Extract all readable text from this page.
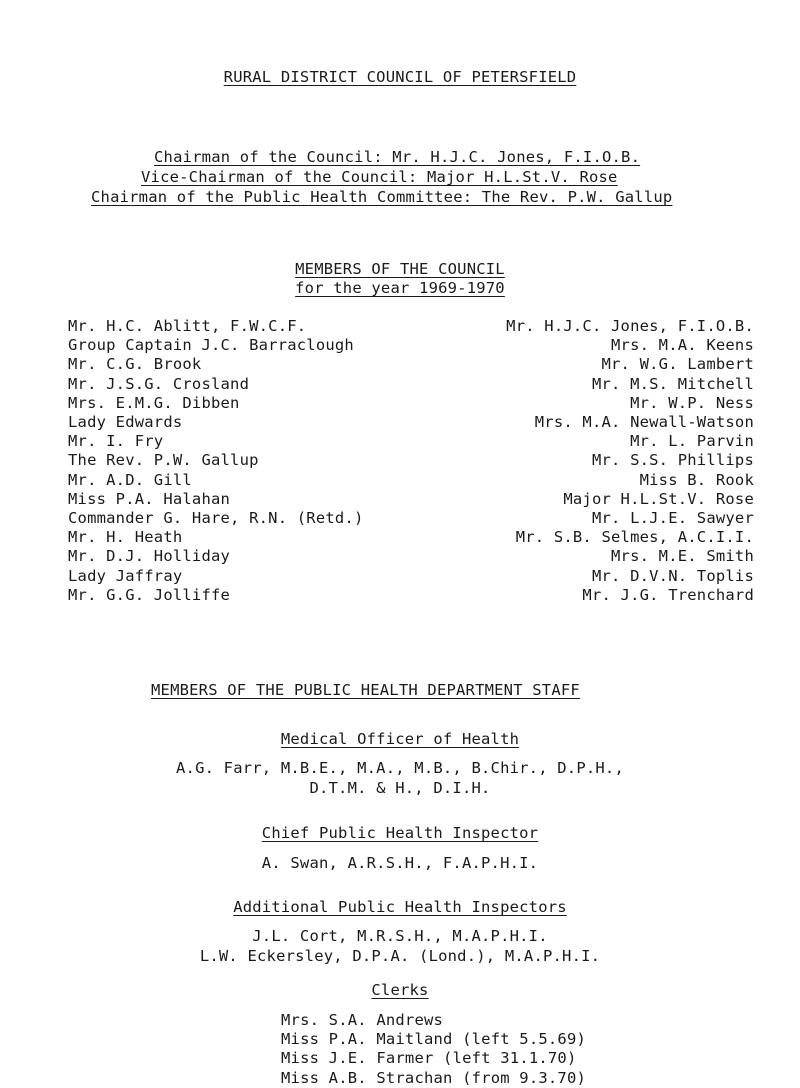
RURAL DISTRICT COUNCIL OF PETERSFIELD
Chairman of the Council: Mr. H.J.C. Jones, F.I.O.B.
Vice-Chairman of the Council: Major H.L.St.V. Rose
Chairman of the Public Health Committee: The Rev. P.W. Gallup
MEMBERS OF THE COUNCIL
for the year 1969-1970
Mr. H.C. Ablitt, F.W.C.F.
Group Captain J.C. Barraclough
Mr. C.G. Brook
Mr. J.S.G. Crosland
Mrs. E.M.G. Dibben
Lady Edwards
Mr. I. Fry
The Rev. P.W. Gallup
Mr. A.D. Gill
Miss P.A. Halahan
Commander G. Hare, R.N. (Retd.)
Mr. H. Heath
Mr. D.J. Holliday
Lady Jaffray
Mr. G.G. Jolliffe
Mr. H.J.C. Jones, F.I.O.B.
Mrs. M.A. Keens
Mr. W.G. Lambert
Mr. M.S. Mitchell
Mr. W.P. Ness
Mrs. M.A. Newall-Watson
Mr. L. Parvin
Mr. S.S. Phillips
Miss B. Rook
Major H.L.St.V. Rose
Mr. L.J.E. Sawyer
Mr. S.B. Selmes, A.C.I.I.
Mrs. M.E. Smith
Mr. D.V.N. Toplis
Mr. J.G. Trenchard
MEMBERS OF THE PUBLIC HEALTH DEPARTMENT STAFF
Medical Officer of Health
A.G. Farr, M.B.E., M.A., M.B., B.Chir., D.P.H.,
D.T.M. & H., D.I.H.
Chief Public Health Inspector
A. Swan, A.R.S.H., F.A.P.H.I.
Additional Public Health Inspectors
J.L. Cort, M.R.S.H., M.A.P.H.I.
L.W. Eckersley, D.P.A. (Lond.), M.A.P.H.I.
Clerks
Mrs. S.A. Andrews
Miss P.A. Maitland (left 5.5.69)
Miss J.E. Farmer (left 31.1.70)
Miss A.B. Strachan (from 9.3.70)
